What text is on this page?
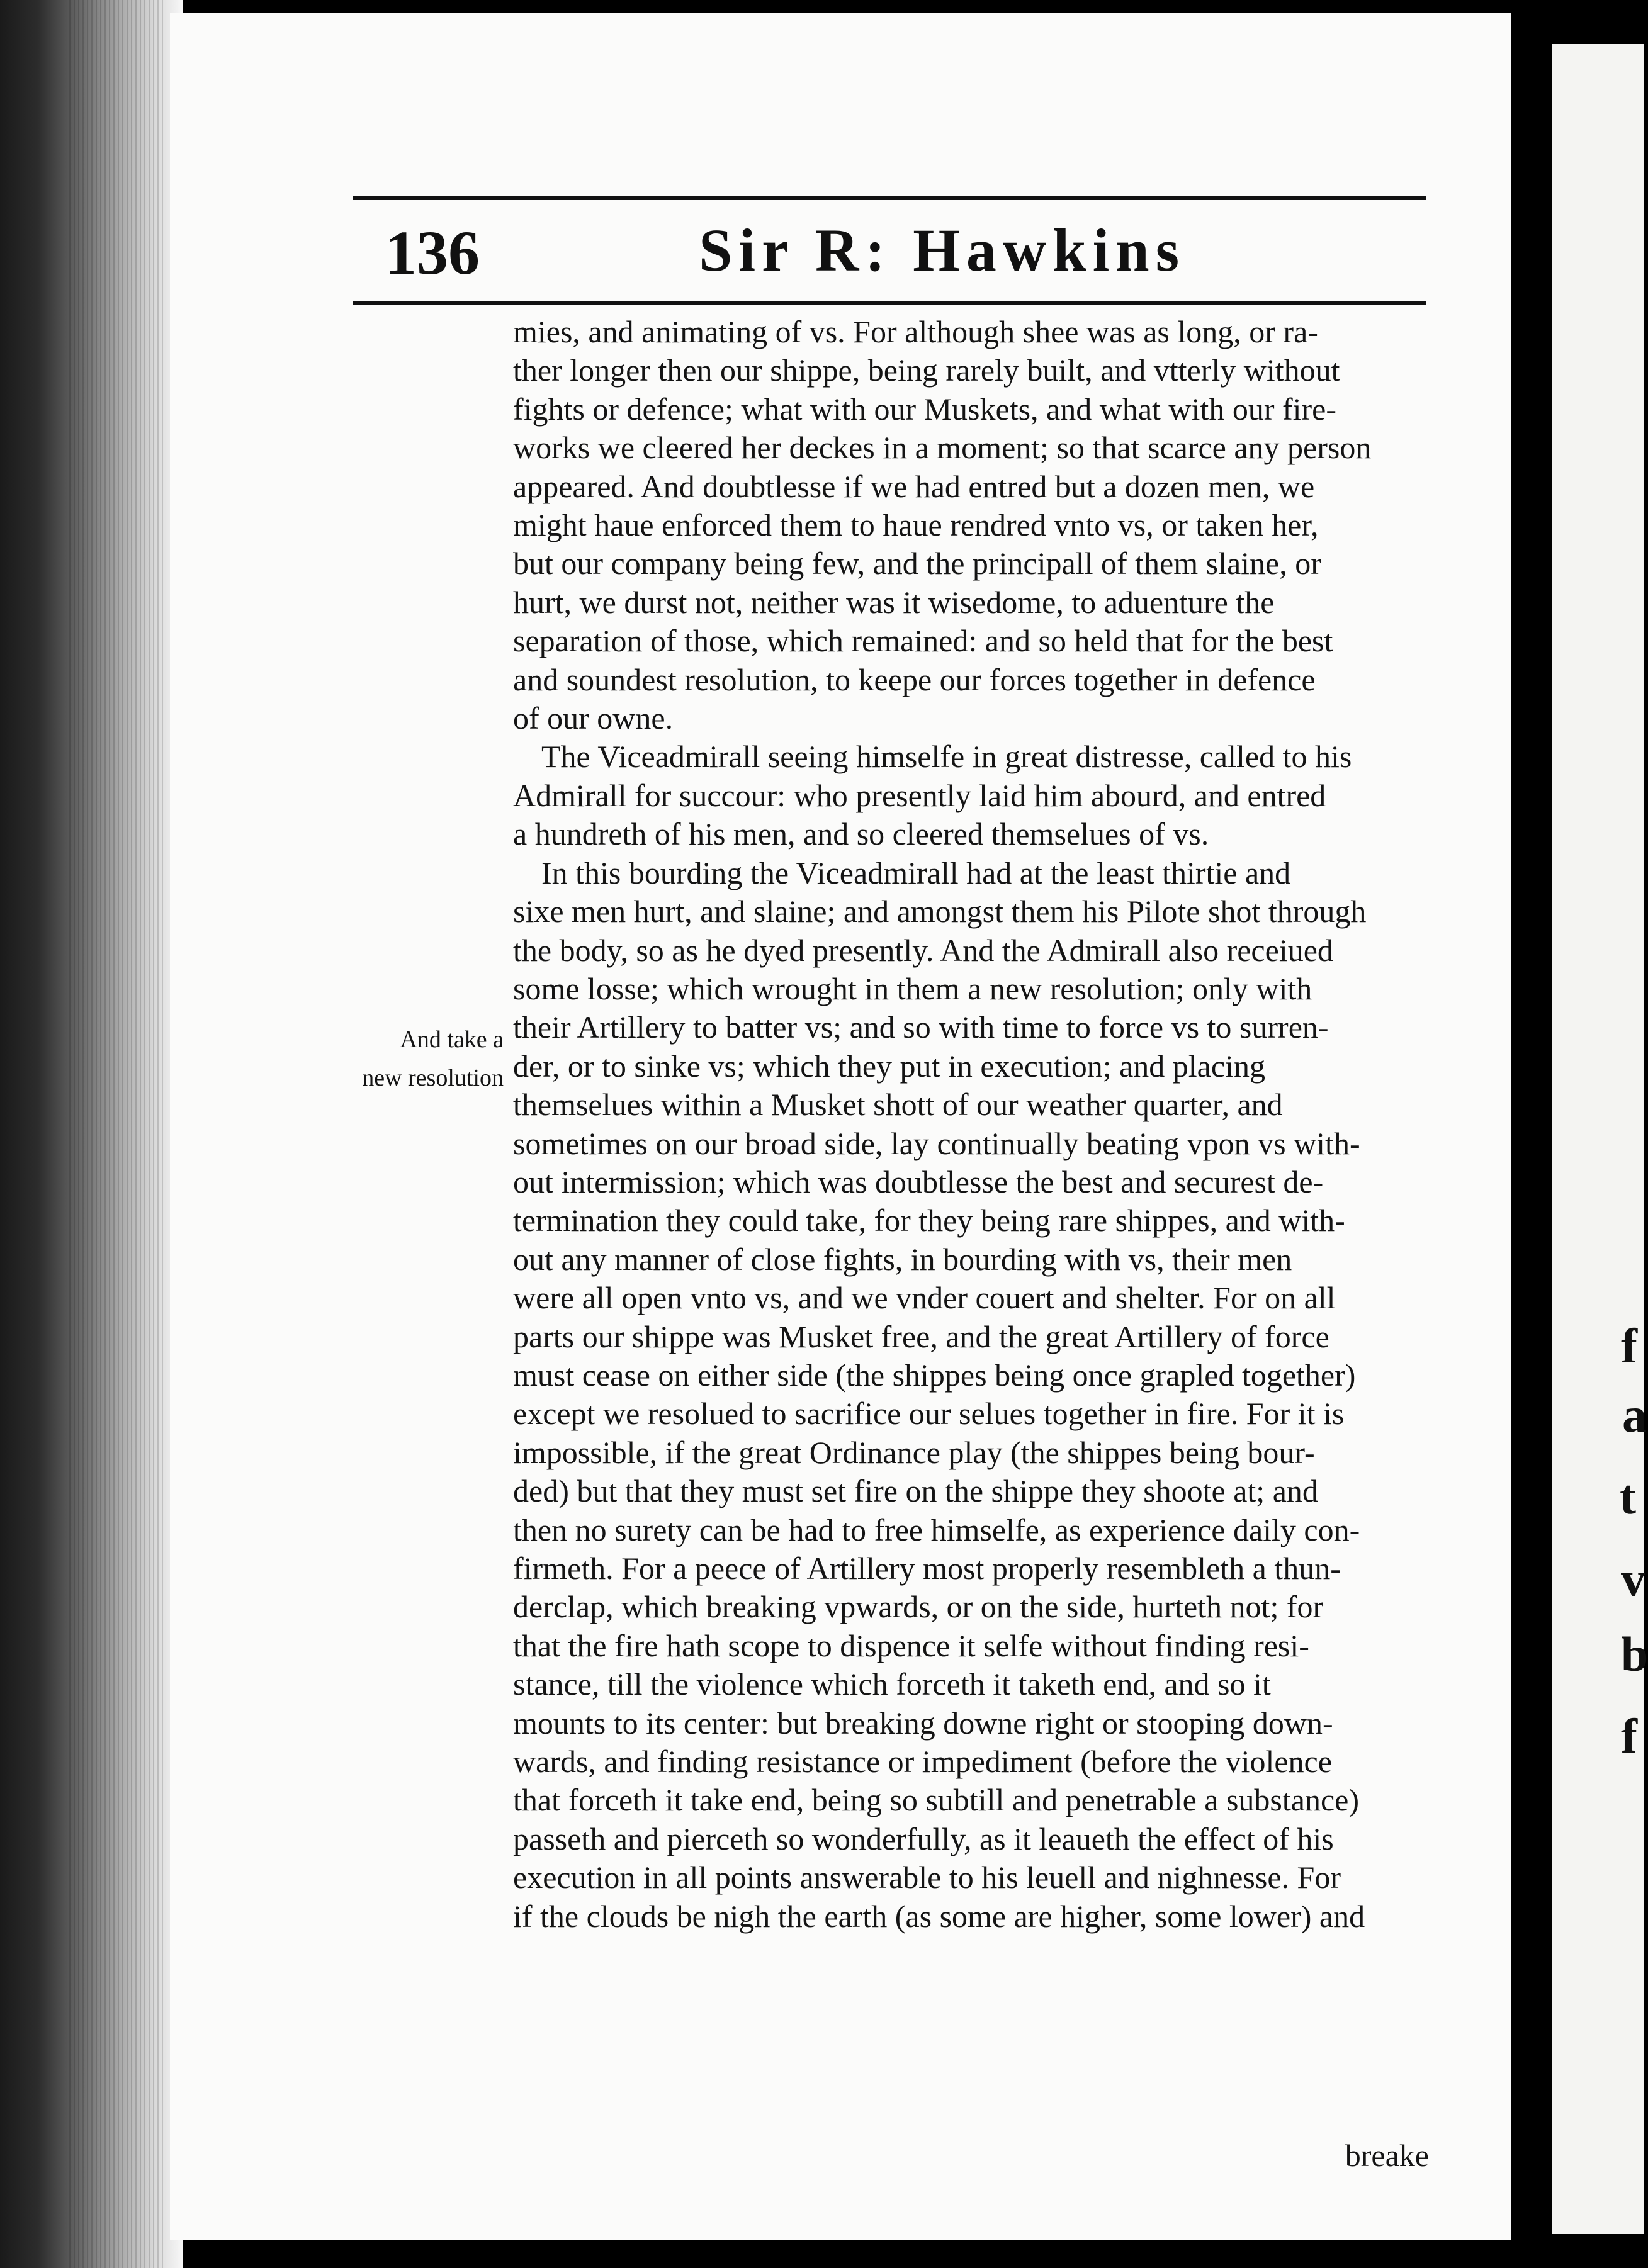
f
a
t
v
b
f
136	Sir R: Hawkins
And take a
new resolution
mies, and animating of vs. For although shee was as long, or ra-
ther longer then our shippe, being rarely built, and vtterly without
fights or defence; what with our Muskets, and what with our fire-
works we cleered her deckes in a moment; so that scarce any person
appeared. And doubtlesse if we had entred but a dozen men, we
might haue enforced them to haue rendred vnto vs, or taken her,
but our company being few, and the principall of them slaine, or
hurt, we durst not, neither was it wisedome, to aduenture the
separation of those, which remained: and so held that for the best
and soundest resolution, to keepe our forces together in defence
of our owne.
The Viceadmirall seeing himselfe in great distresse, called to his
Admirall for succour: who presently laid him abourd, and entred
a hundreth of his men, and so cleered themselues of vs.
In this bourding the Viceadmirall had at the least thirtie and
sixe men hurt, and slaine; and amongst them his Pilote shot through
the body, so as he dyed presently. And the Admirall also receiued
some losse; which wrought in them a new resolution; only with
their Artillery to batter vs; and so with time to force vs to surren-
der, or to sinke vs; which they put in execution; and placing
themselues within a Musket shott of our weather quarter, and
sometimes on our broad side, lay continually beating vpon vs with-
out intermission; which was doubtlesse the best and securest de-
termination they could take, for they being rare shippes, and with-
out any manner of close fights, in bourding with vs, their men
were all open vnto vs, and we vnder couert and shelter. For on all
parts our shippe was Musket free, and the great Artillery of force
must cease on either side (the shippes being once grapled together)
except we resolued to sacrifice our selues together in fire. For it is
impossible, if the great Ordinance play (the shippes being bour-
ded) but that they must set fire on the shippe they shoote at; and
then no surety can be had to free himselfe, as experience daily con-
firmeth. For a peece of Artillery most properly resembleth a thun-
derclap, which breaking vpwards, or on the side, hurteth not; for
that the fire hath scope to dispence it selfe without finding resi-
stance, till the violence which forceth it taketh end, and so it
mounts to its center: but breaking downe right or stooping down-
wards, and finding resistance or impediment (before the violence
that forceth it take end, being so subtill and penetrable a substance)
passeth and pierceth so wonderfully, as it leaueth the effect of his
execution in all points answerable to his leuell and nighnesse. For
if the clouds be nigh the earth (as some are higher, some lower) and
breake
